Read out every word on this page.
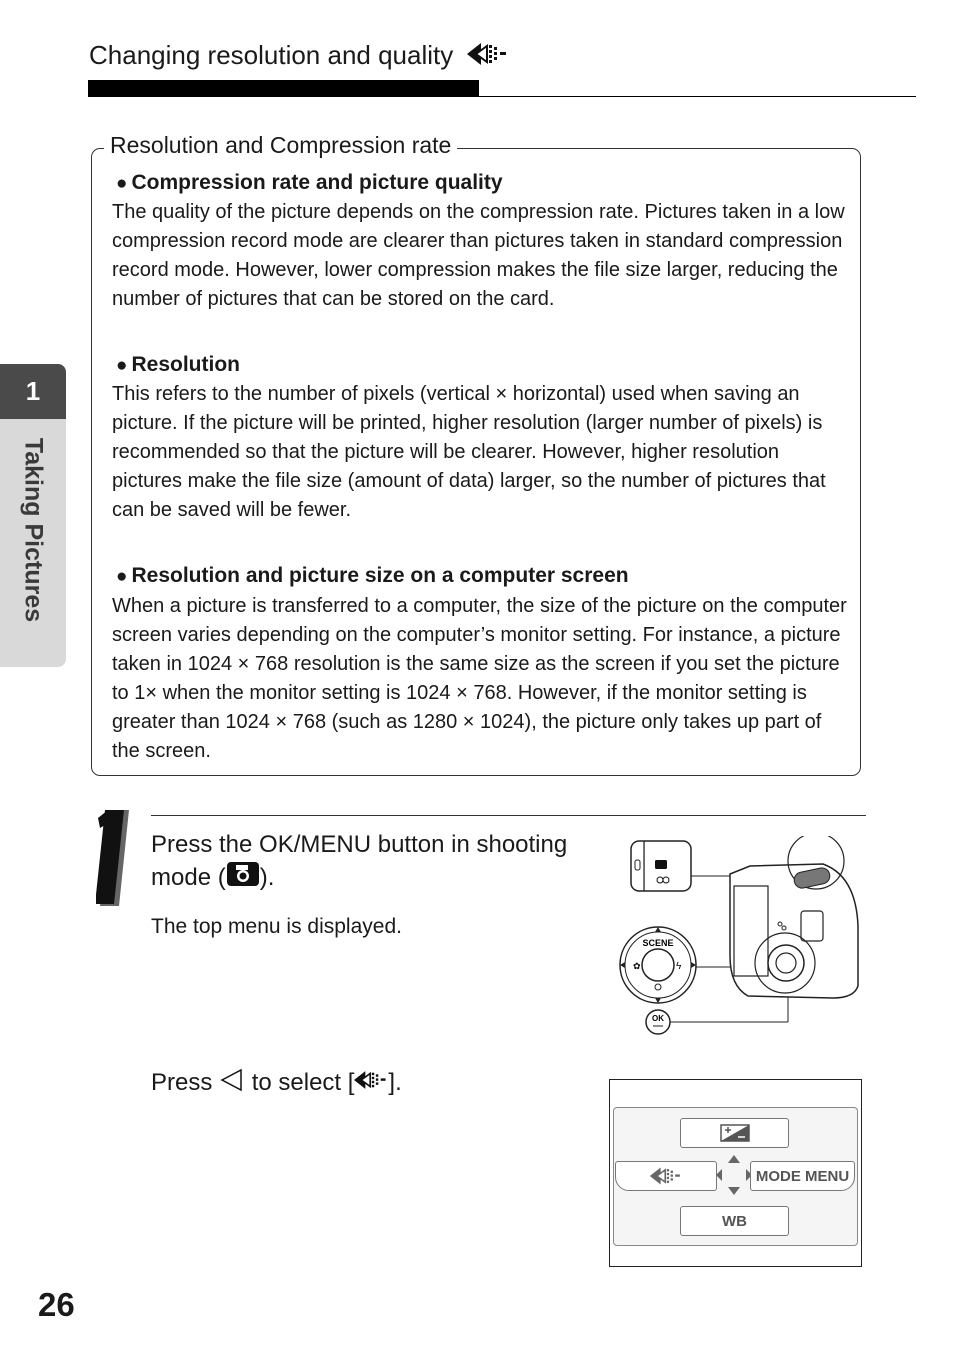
Changing resolution and quality
1
Taking Pictures
Resolution and Compression rate
● Compression rate and picture quality
The quality of the picture depends on the compression rate. Pictures taken in a low compression record mode are clearer than pictures taken in standard compression record mode. However, lower compression makes the file size larger, reducing the number of pictures that can be stored on the card.
● Resolution
This refers to the number of pixels (vertical × horizontal) used when saving an picture. If the picture will be printed, higher resolution (larger number of pixels) is recommended so that the picture will be clearer. However, higher resolution pictures make the file size (amount of data) larger, so the number of pictures that can be saved will be fewer.
● Resolution and picture size on a computer screen
When a picture is transferred to a computer, the size of the picture on the computer screen varies depending on the computer’s monitor setting. For instance, a picture taken in 1024 × 768 resolution is the same size as the screen if you set the picture to 1× when the monitor setting is 1024 × 768. However, if the monitor setting is greater than 1024 × 768 (such as 1280 × 1024), the picture only takes up part of the screen.
Press the OK/MENU button in shooting mode ( ).
The top menu is displayed.
SCENE
✿	ϟ
OK
Press to select [ ].
MODE MENU
WB
26
